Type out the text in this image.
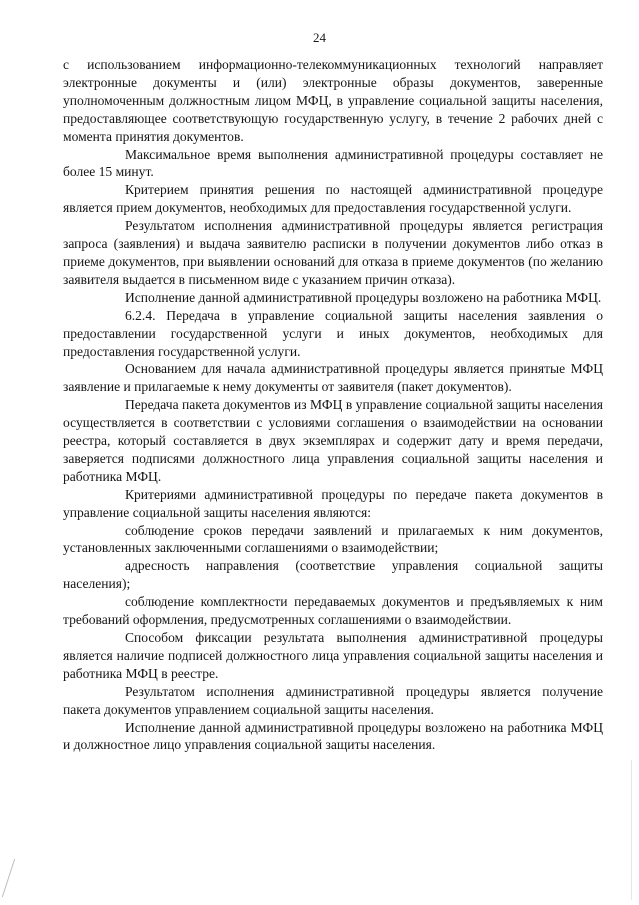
24

с использованием информационно-телекоммуникационных технологий направляет электронные документы и (или) электронные образы документов, заверенные уполномоченным должностным лицом МФЦ, в управление социальной защиты населения, предоставляющее соответствующую государственную услугу, в течение 2 рабочих дней с момента принятия документов.

Максимальное время выполнения административной процедуры составляет не более 15 минут.

Критерием принятия решения по настоящей административной процедуре является прием документов, необходимых для предоставления государственной услуги.

Результатом исполнения административной процедуры является регистрация запроса (заявления) и выдача заявителю расписки в получении документов либо отказ в приеме документов, при выявлении оснований для отказа в приеме документов (по желанию заявителя выдается в письменном виде с указанием причин отказа).

Исполнение данной административной процедуры возложено на работника МФЦ.

6.2.4. Передача в управление социальной защиты населения заявления о предоставлении государственной услуги и иных документов, необходимых для предоставления государственной услуги.

Основанием для начала административной процедуры является принятые МФЦ заявление и прилагаемые к нему документы от заявителя (пакет документов).

Передача пакета документов из МФЦ в управление социальной защиты населения осуществляется в соответствии с условиями соглашения о взаимодействии на основании реестра, который составляется в двух экземплярах и содержит дату и время передачи, заверяется подписями должностного лица управления социальной защиты населения и работника МФЦ.

Критериями административной процедуры по передаче пакета документов в управление социальной защиты населения являются:

соблюдение сроков передачи заявлений и прилагаемых к ним документов, установленных заключенными соглашениями о взаимодействии;

адресность направления (соответствие управления социальной защиты населения);

соблюдение комплектности передаваемых документов и предъявляемых к ним требований оформления, предусмотренных соглашениями о взаимодействии.

Способом фиксации результата выполнения административной процедуры является наличие подписей должностного лица управления социальной защиты населения и работника МФЦ в реестре.

Результатом исполнения административной процедуры является получение пакета документов управлением социальной защиты населения.

Исполнение данной административной процедуры возложено на работника МФЦ и должностное лицо управления социальной защиты населения.
